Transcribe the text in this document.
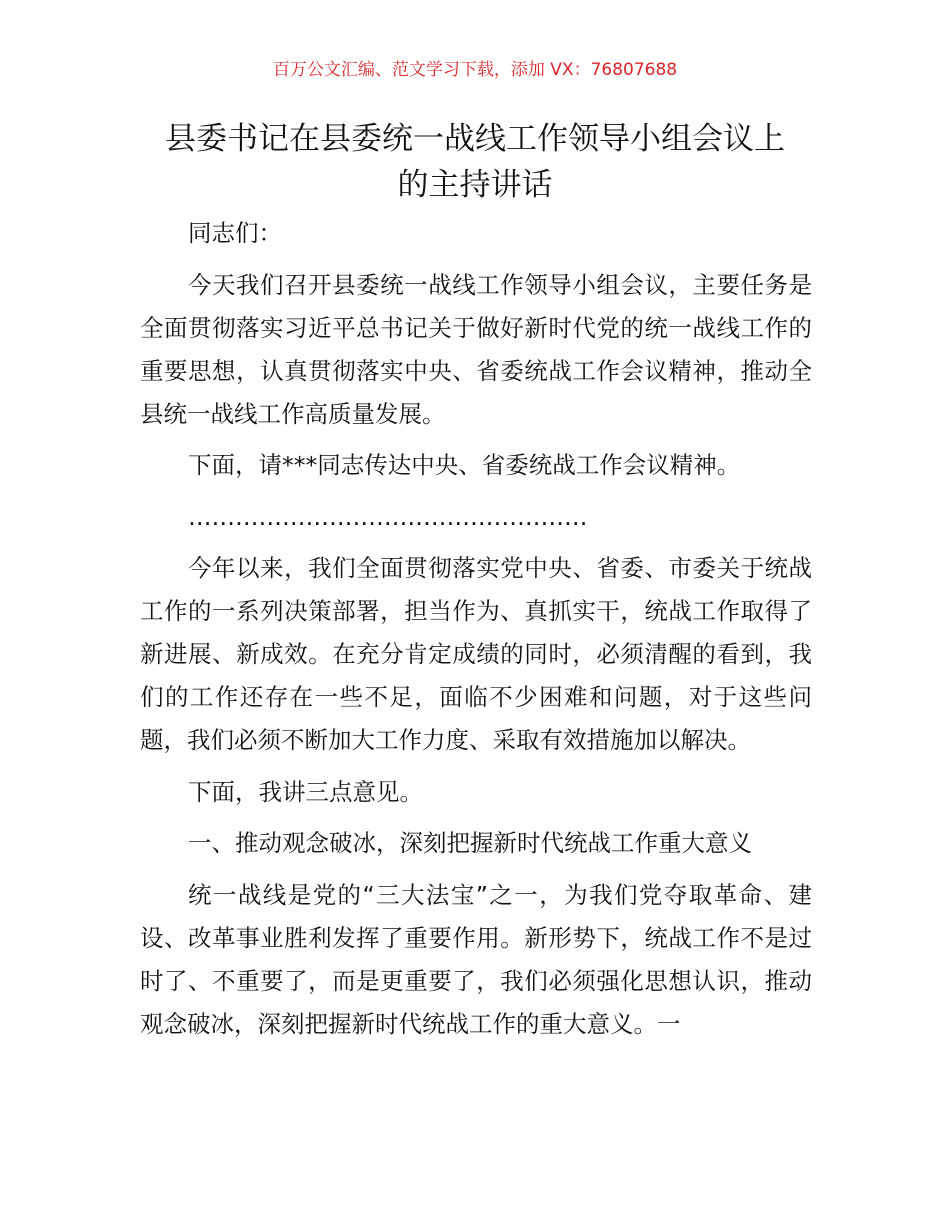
百万公文汇编、范文学习下载，添加 VX：76807688
县委书记在县委统一战线工作领导小组会议上
的主持讲话

同志们：

今天我们召开县委统一战线工作领导小组会议，主要任务是全面贯彻落实习近平总书记关于做好新时代党的统一战线工作的重要思想，认真贯彻落实中央、省委统战工作会议精神，推动全县统一战线工作高质量发展。

下面，请***同志传达中央、省委统战工作会议精神。

……………………………………………

今年以来，我们全面贯彻落实党中央、省委、市委关于统战工作的一系列决策部署，担当作为、真抓实干，统战工作取得了新进展、新成效。在充分肯定成绩的同时，必须清醒的看到，我们的工作还存在一些不足，面临不少困难和问题，对于这些问题，我们必须不断加大工作力度、采取有效措施加以解决。

下面，我讲三点意见。

一、推动观念破冰，深刻把握新时代统战工作重大意义

统一战线是党的“三大法宝”之一，为我们党夺取革命、建设、改革事业胜利发挥了重要作用。新形势下，统战工作不是过时了、不重要了，而是更重要了，我们必须强化思想认识，推动观念破冰，深刻把握新时代统战工作的重大意义。一
